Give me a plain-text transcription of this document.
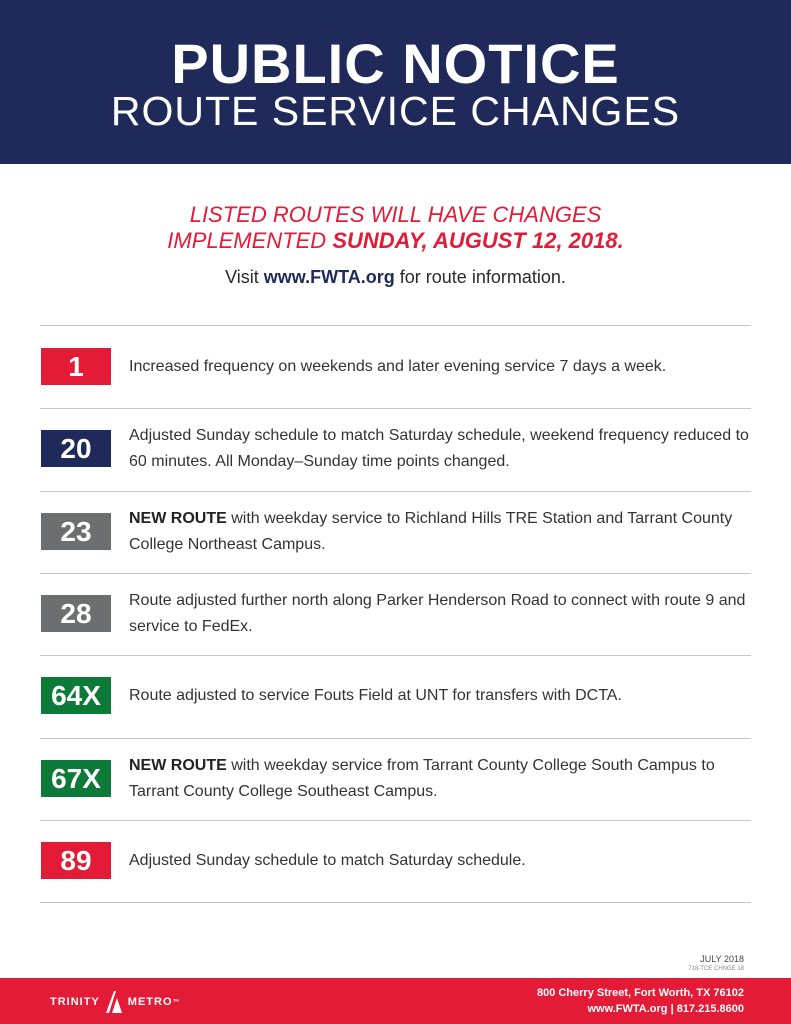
PUBLIC NOTICE
ROUTE SERVICE CHANGES
LISTED ROUTES WILL HAVE CHANGES
IMPLEMENTED SUNDAY, AUGUST 12, 2018.
Visit www.FWTA.org for route information.
1	Increased frequency on weekends and later evening service 7 days a week.
20	Adjusted Sunday schedule to match Saturday schedule, weekend frequency reduced to 60 minutes. All Monday–Sunday time points changed.
23	NEW ROUTE with weekday service to Richland Hills TRE Station and Tarrant County College Northeast Campus.
28	Route adjusted further north along Parker Henderson Road to connect with route 9 and service to FedEx.
64X	Route adjusted to service Fouts Field at UNT for transfers with DCTA.
67X	NEW ROUTE with weekday service from Tarrant County College South Campus to Tarrant County College Southeast Campus.
89	Adjusted Sunday schedule to match Saturday schedule.
JULY 2018
718-TCE CHNGE 18
TRINITY	METRO ™
800 Cherry Street, Fort Worth, TX 76102
www.FWTA.org | 817.215.8600
